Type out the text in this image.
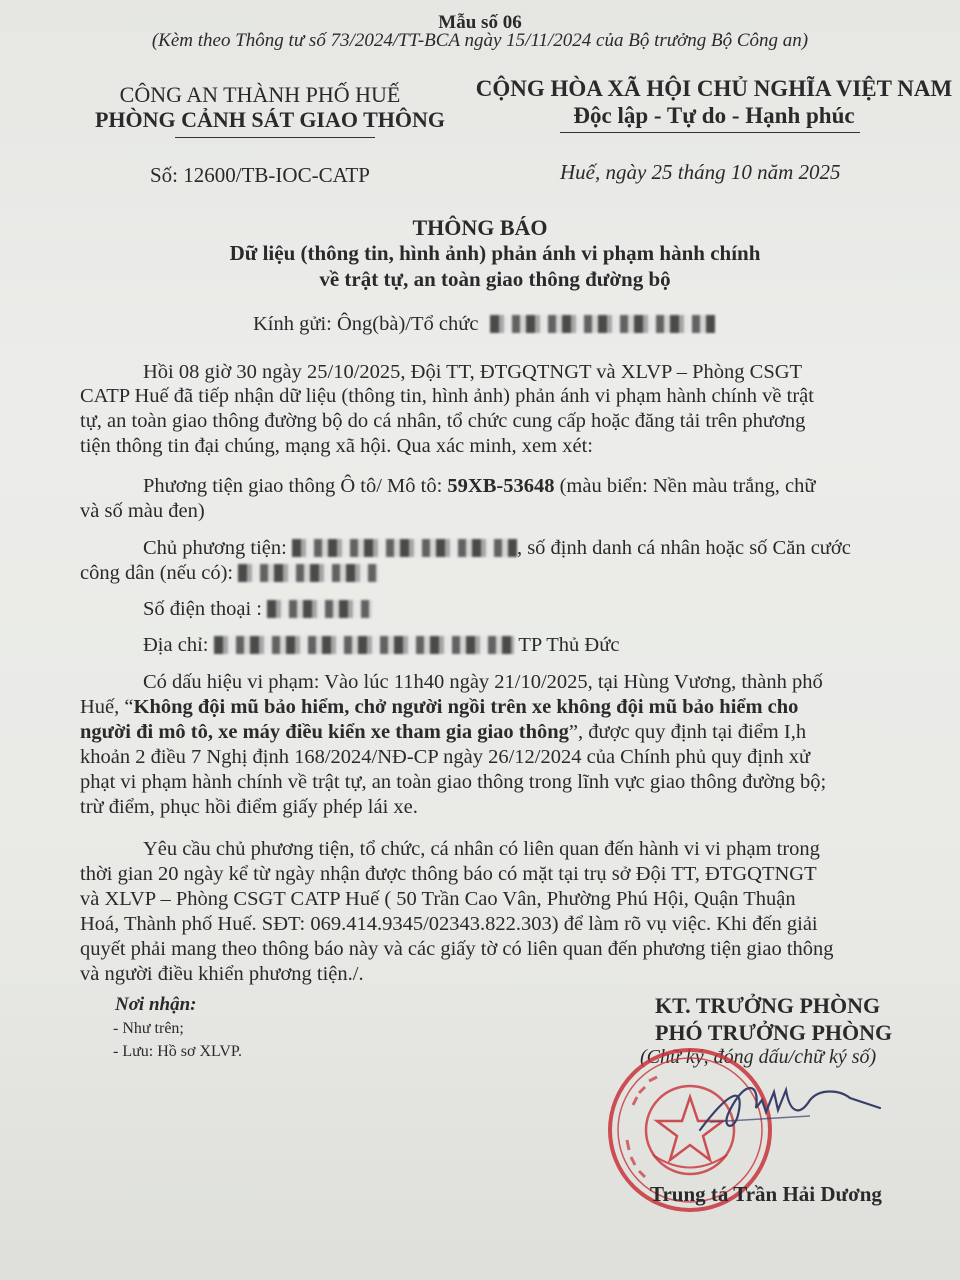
Mẫu số 06
(Kèm theo Thông tư số 73/2024/TT-BCA ngày 15/11/2024 của Bộ trưởng Bộ Công an)
CÔNG AN THÀNH PHỐ HUẾ
PHÒNG CẢNH SÁT GIAO THÔNG
CỘNG HÒA XÃ HỘI CHỦ NGHĨA VIỆT NAM
Độc lập - Tự do - Hạnh phúc
Số: 12600/TB-IOC-CATP	Huế, ngày 25 tháng 10 năm 2025
THÔNG BÁO
Dữ liệu (thông tin, hình ảnh) phản ánh vi phạm hành chính
về trật tự, an toàn giao thông đường bộ
Kính gửi: Ông(bà)/Tổ chức
Hồi 08 giờ 30 ngày 25/10/2025, Đội TT, ĐTGQTNGT và XLVP – Phòng CSGT
CATP Huế đã tiếp nhận dữ liệu (thông tin, hình ảnh) phản ánh vi phạm hành chính về trật
tự, an toàn giao thông đường bộ do cá nhân, tổ chức cung cấp hoặc đăng tải trên phương
tiện thông tin đại chúng, mạng xã hội. Qua xác minh, xem xét:
Phương tiện giao thông Ô tô/ Mô tô: 59XB-53648 (màu biển: Nền màu trắng, chữ
và số màu đen)
Chủ phương tiện:	, số định danh cá nhân hoặc số Căn cước
công dân (nếu có):
Số điện thoại :
Địa chỉ:	TP Thủ Đức
Có dấu hiệu vi phạm: Vào lúc 11h40 ngày 21/10/2025, tại Hùng Vương, thành phố
Huế, “Không đội mũ bảo hiểm, chở người ngồi trên xe không đội mũ bảo hiểm cho
người đi mô tô, xe máy điều kiển xe tham gia giao thông”, được quy định tại điểm I,h
khoản 2 điều 7 Nghị định 168/2024/NĐ-CP ngày 26/12/2024 của Chính phủ quy định xử
phạt vi phạm hành chính về trật tự, an toàn giao thông trong lĩnh vực giao thông đường bộ;
trừ điểm, phục hồi điểm giấy phép lái xe.
Yêu cầu chủ phương tiện, tổ chức, cá nhân có liên quan đến hành vi vi phạm trong
thời gian 20 ngày kể từ ngày nhận được thông báo có mặt tại trụ sở Đội TT, ĐTGQTNGT
và XLVP – Phòng CSGT CATP Huế ( 50 Trần Cao Vân, Phường Phú Hội, Quận Thuận
Hoá, Thành phố Huế. SĐT: 069.414.9345/02343.822.303) để làm rõ vụ việc. Khi đến giải
quyết phải mang theo thông báo này và các giấy tờ có liên quan đến phương tiện giao thông
và người điều khiển phương tiện./.
Nơi nhận:
- Như trên;
- Lưu: Hồ sơ XLVP.
KT. TRƯỞNG PHÒNG
PHÓ TRƯỞNG PHÒNG
(Chữ ký, đóng dấu/chữ ký số)
Trung tá Trần Hải Dương
